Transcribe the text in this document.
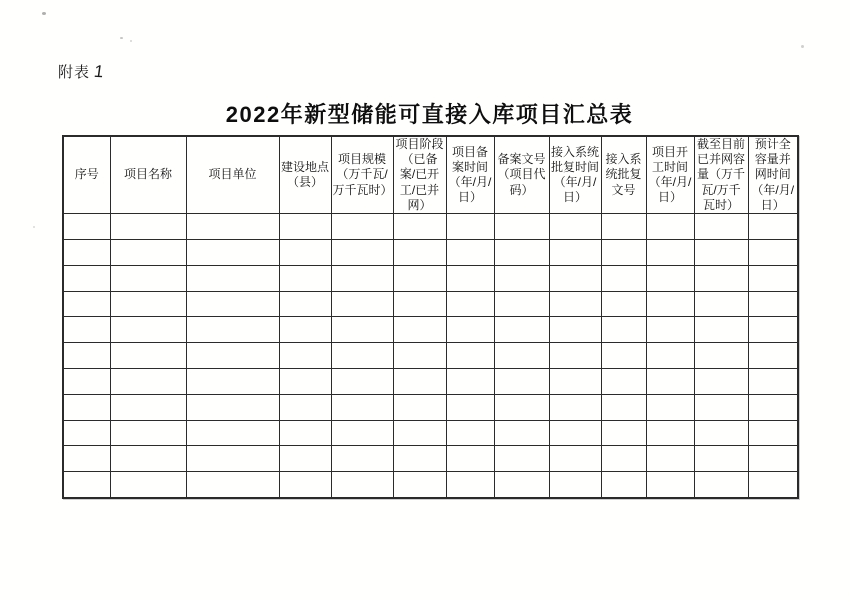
附表 1
2022年新型储能可直接入库项目汇总表
序号	项目名称	项目单位	建设地点（县）	项目规模（万千瓦/万千瓦时）	项目阶段（已备案/已开工/已并网）	项目备案时间（年/月/日）	备案文号（项目代码）	接入系统批复时间（年/月/日）	接入系统批复文号	项目开工时间（年/月/日）	截至目前已并网容量（万千瓦/万千瓦时）	预计全容量并网时间（年/月/日）
